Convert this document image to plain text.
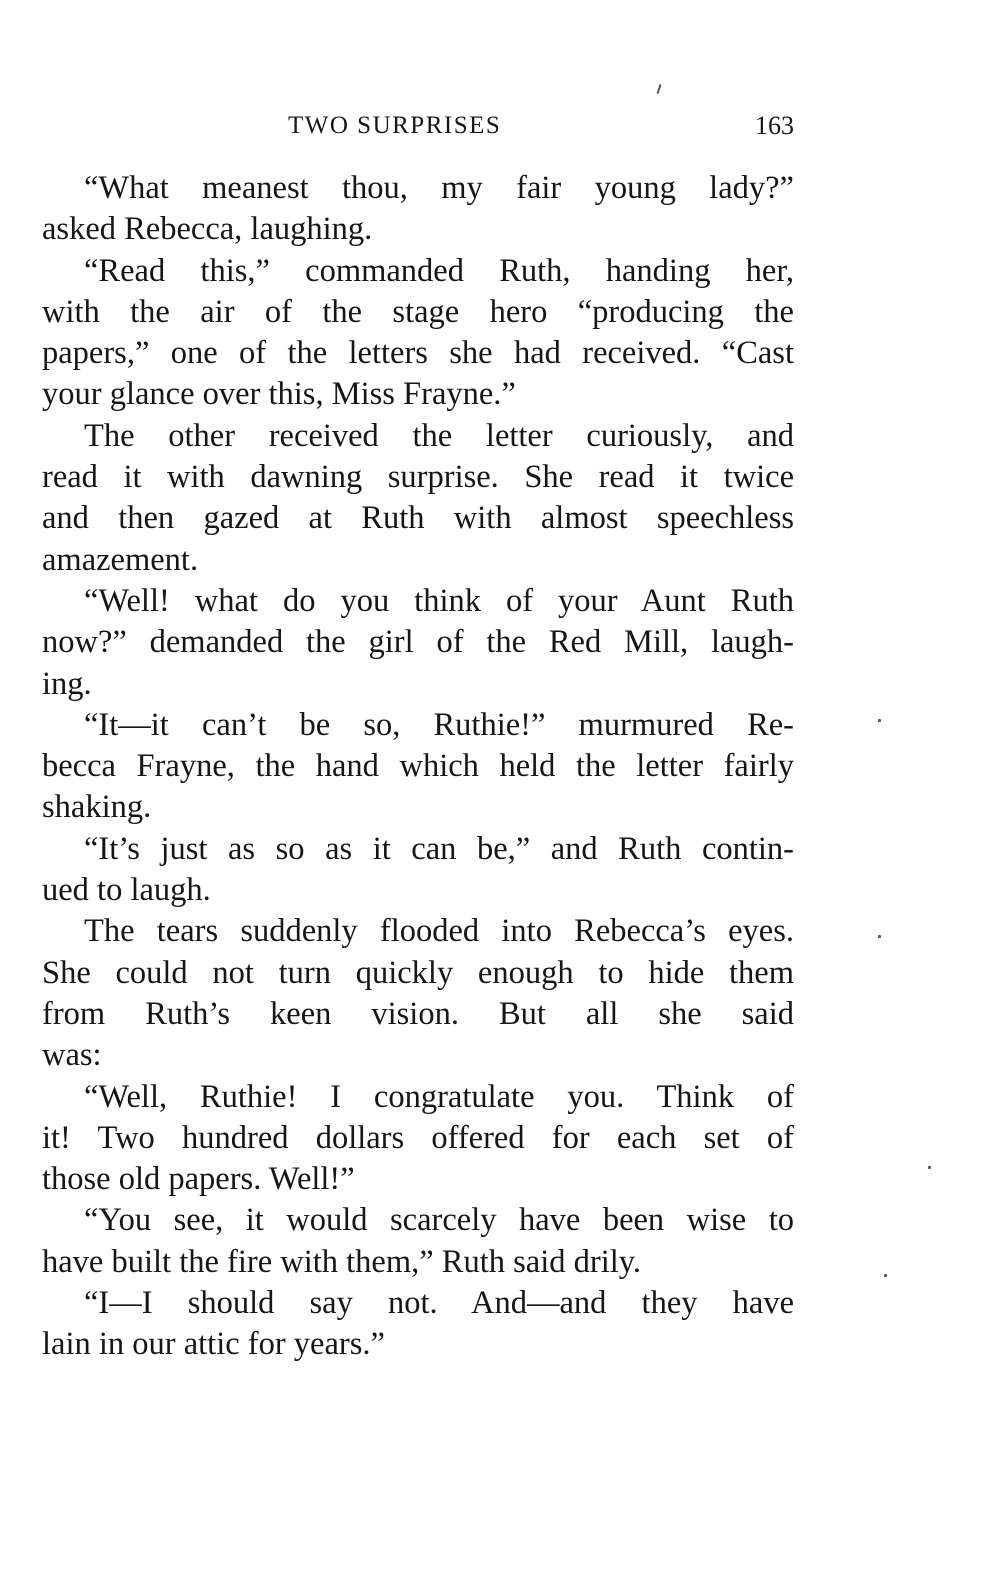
TWO SURPRISES	163
“What meanest thou, my fair young lady?”
asked Rebecca, laughing.
“Read this,” commanded Ruth, handing her,
with the air of the stage hero “producing the
papers,” one of the letters she had received. “Cast
your glance over this, Miss Frayne.”
The other received the letter curiously, and
read it with dawning surprise. She read it twice
and then gazed at Ruth with almost speechless
amazement.
“Well! what do you think of your Aunt Ruth
now?” demanded the girl of the Red Mill, laugh-
ing.
“It—it can’t be so, Ruthie!” murmured Re-
becca Frayne, the hand which held the letter fairly
shaking.
“It’s just as so as it can be,” and Ruth contin-
ued to laugh.
The tears suddenly flooded into Rebecca’s eyes.
She could not turn quickly enough to hide them
from Ruth’s keen vision. But all she said
was:
“Well, Ruthie! I congratulate you. Think of
it! Two hundred dollars offered for each set of
those old papers. Well!”
“You see, it would scarcely have been wise to
have built the fire with them,” Ruth said drily.
“I—I should say not. And—and they have
lain in our attic for years.”
